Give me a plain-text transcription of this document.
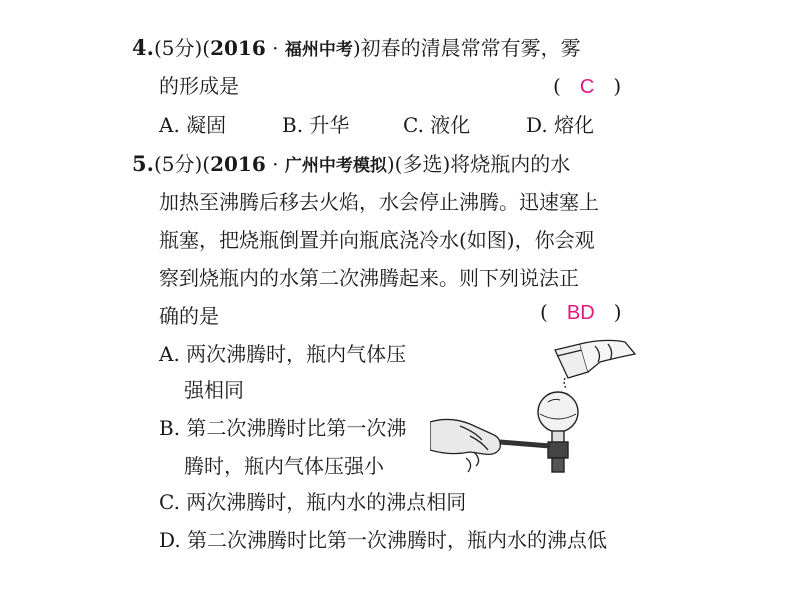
4.(5分)(2016 · 福州中考)初春的清晨常常有雾，雾
的形成是	(   C   )
A. 凝固	B. 升华	C. 液化	D. 熔化
5.(5分)(2016 · 广州中考模拟)(多选)将烧瓶内的水
加热至沸腾后移去火焰，水会停止沸腾。迅速塞上
瓶塞，把烧瓶倒置并向瓶底浇冷水(如图)，你会观
察到烧瓶内的水第二次沸腾起来。则下列说法正
确的是	(   BD   )
A. 两次沸腾时，瓶内气体压
强相同
B. 第二次沸腾时比第一次沸
腾时，瓶内气体压强小
C. 两次沸腾时，瓶内水的沸点相同
D. 第二次沸腾时比第一次沸腾时，瓶内水的沸点低
